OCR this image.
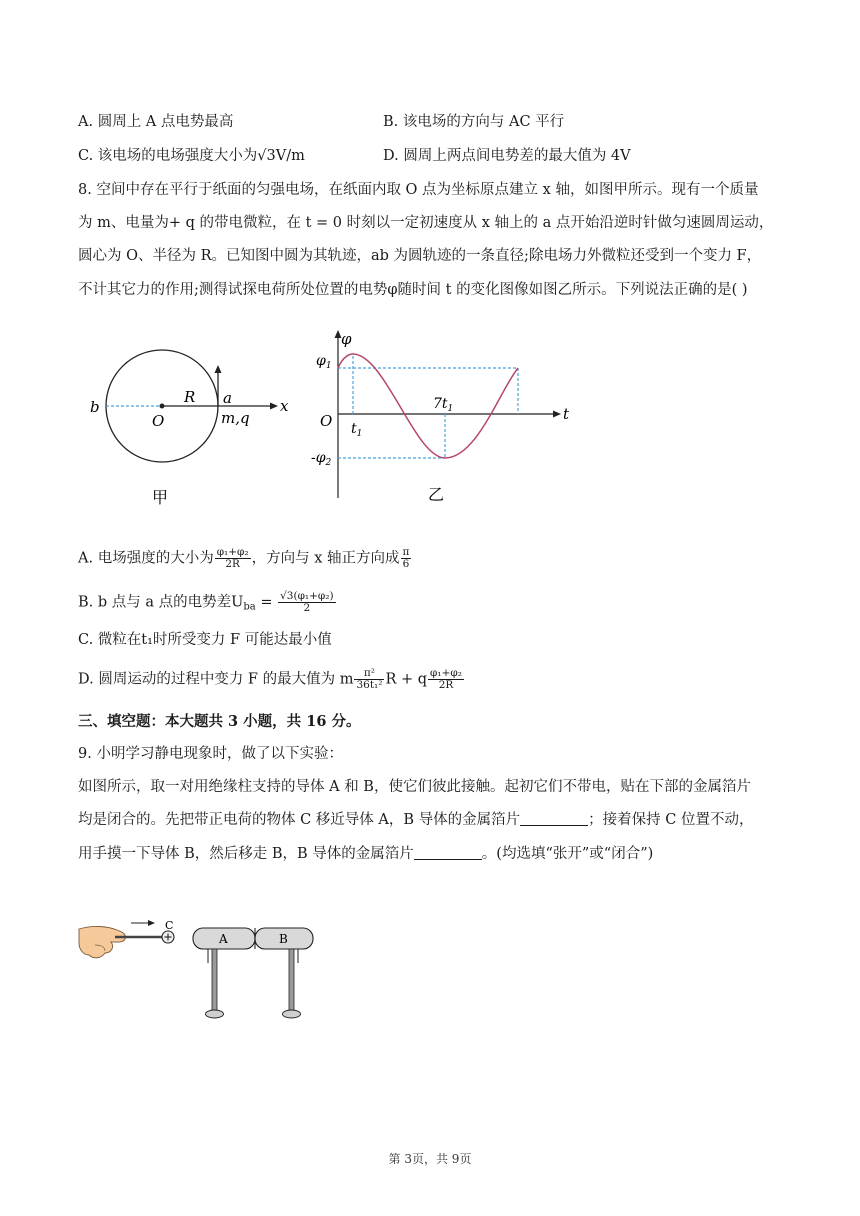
A. 圆周上 A 点电势最高	B. 该电场的方向与 AC 平行
C. 该电场的电场强度大小为√3V/m	D. 圆周上两点间电势差的最大值为 4V
8. 空间中存在平行于纸面的匀强电场，在纸面内取 O 点为坐标原点建立 x 轴，如图甲所示。现有一个质量
为 m、电量为+ q 的带电微粒，在 t = 0 时刻以一定初速度从 x 轴上的 a 点开始沿逆时针做匀速圆周运动，
圆心为 O、半径为 R。已知图中圆为其轨迹，ab 为圆轨迹的一条直径;除电场力外微粒还受到一个变力 F，
不计其它力的作用;测得试探电荷所处位置的电势φ随时间 t 的变化图像如图乙所示。下列说法正确的是( )
b
O
R a
m,q
x
甲
φ
$\varphi_1$
$-\varphi_2$
O $t_1$
$7t_1$	t
乙
A. 电场强度的大小为 $\frac{\text{φ₁+φ₂}}{2R}$ ，方向与 x 轴正方向成 $\frac{\pi}{6}$
B. b 点与 a 点的电势差$U_{ba} = \frac{\text{√3(φ₁+φ₂)}}{2}$
C. 微粒在t₁时所受变力 F 可能达最小值
D. 圆周运动的过程中变力 F 的最大值为 m $\frac{\text{π²}}{\text{36t₁²}}$ R + q $\frac{\text{φ₁+φ₂}}{2R}$
三、填空题：本大题共 3 小题，共 16 分。
9. 小明学习静电现象时，做了以下实验：
如图所示，取一对用绝缘柱支持的导体 A 和 B，使它们彼此接触。起初它们不带电，贴在下部的金属箔片
均是闭合的。先把带正电荷的物体 C 移近导体 A，B 导体的金属箔片	；接着保持 C 位置不动，
用手摸一下导体 B，然后移走 B，B 导体的金属箔片	。(均选填“张开”或“闭合”)
C
A	B
第 3页，共 9页
